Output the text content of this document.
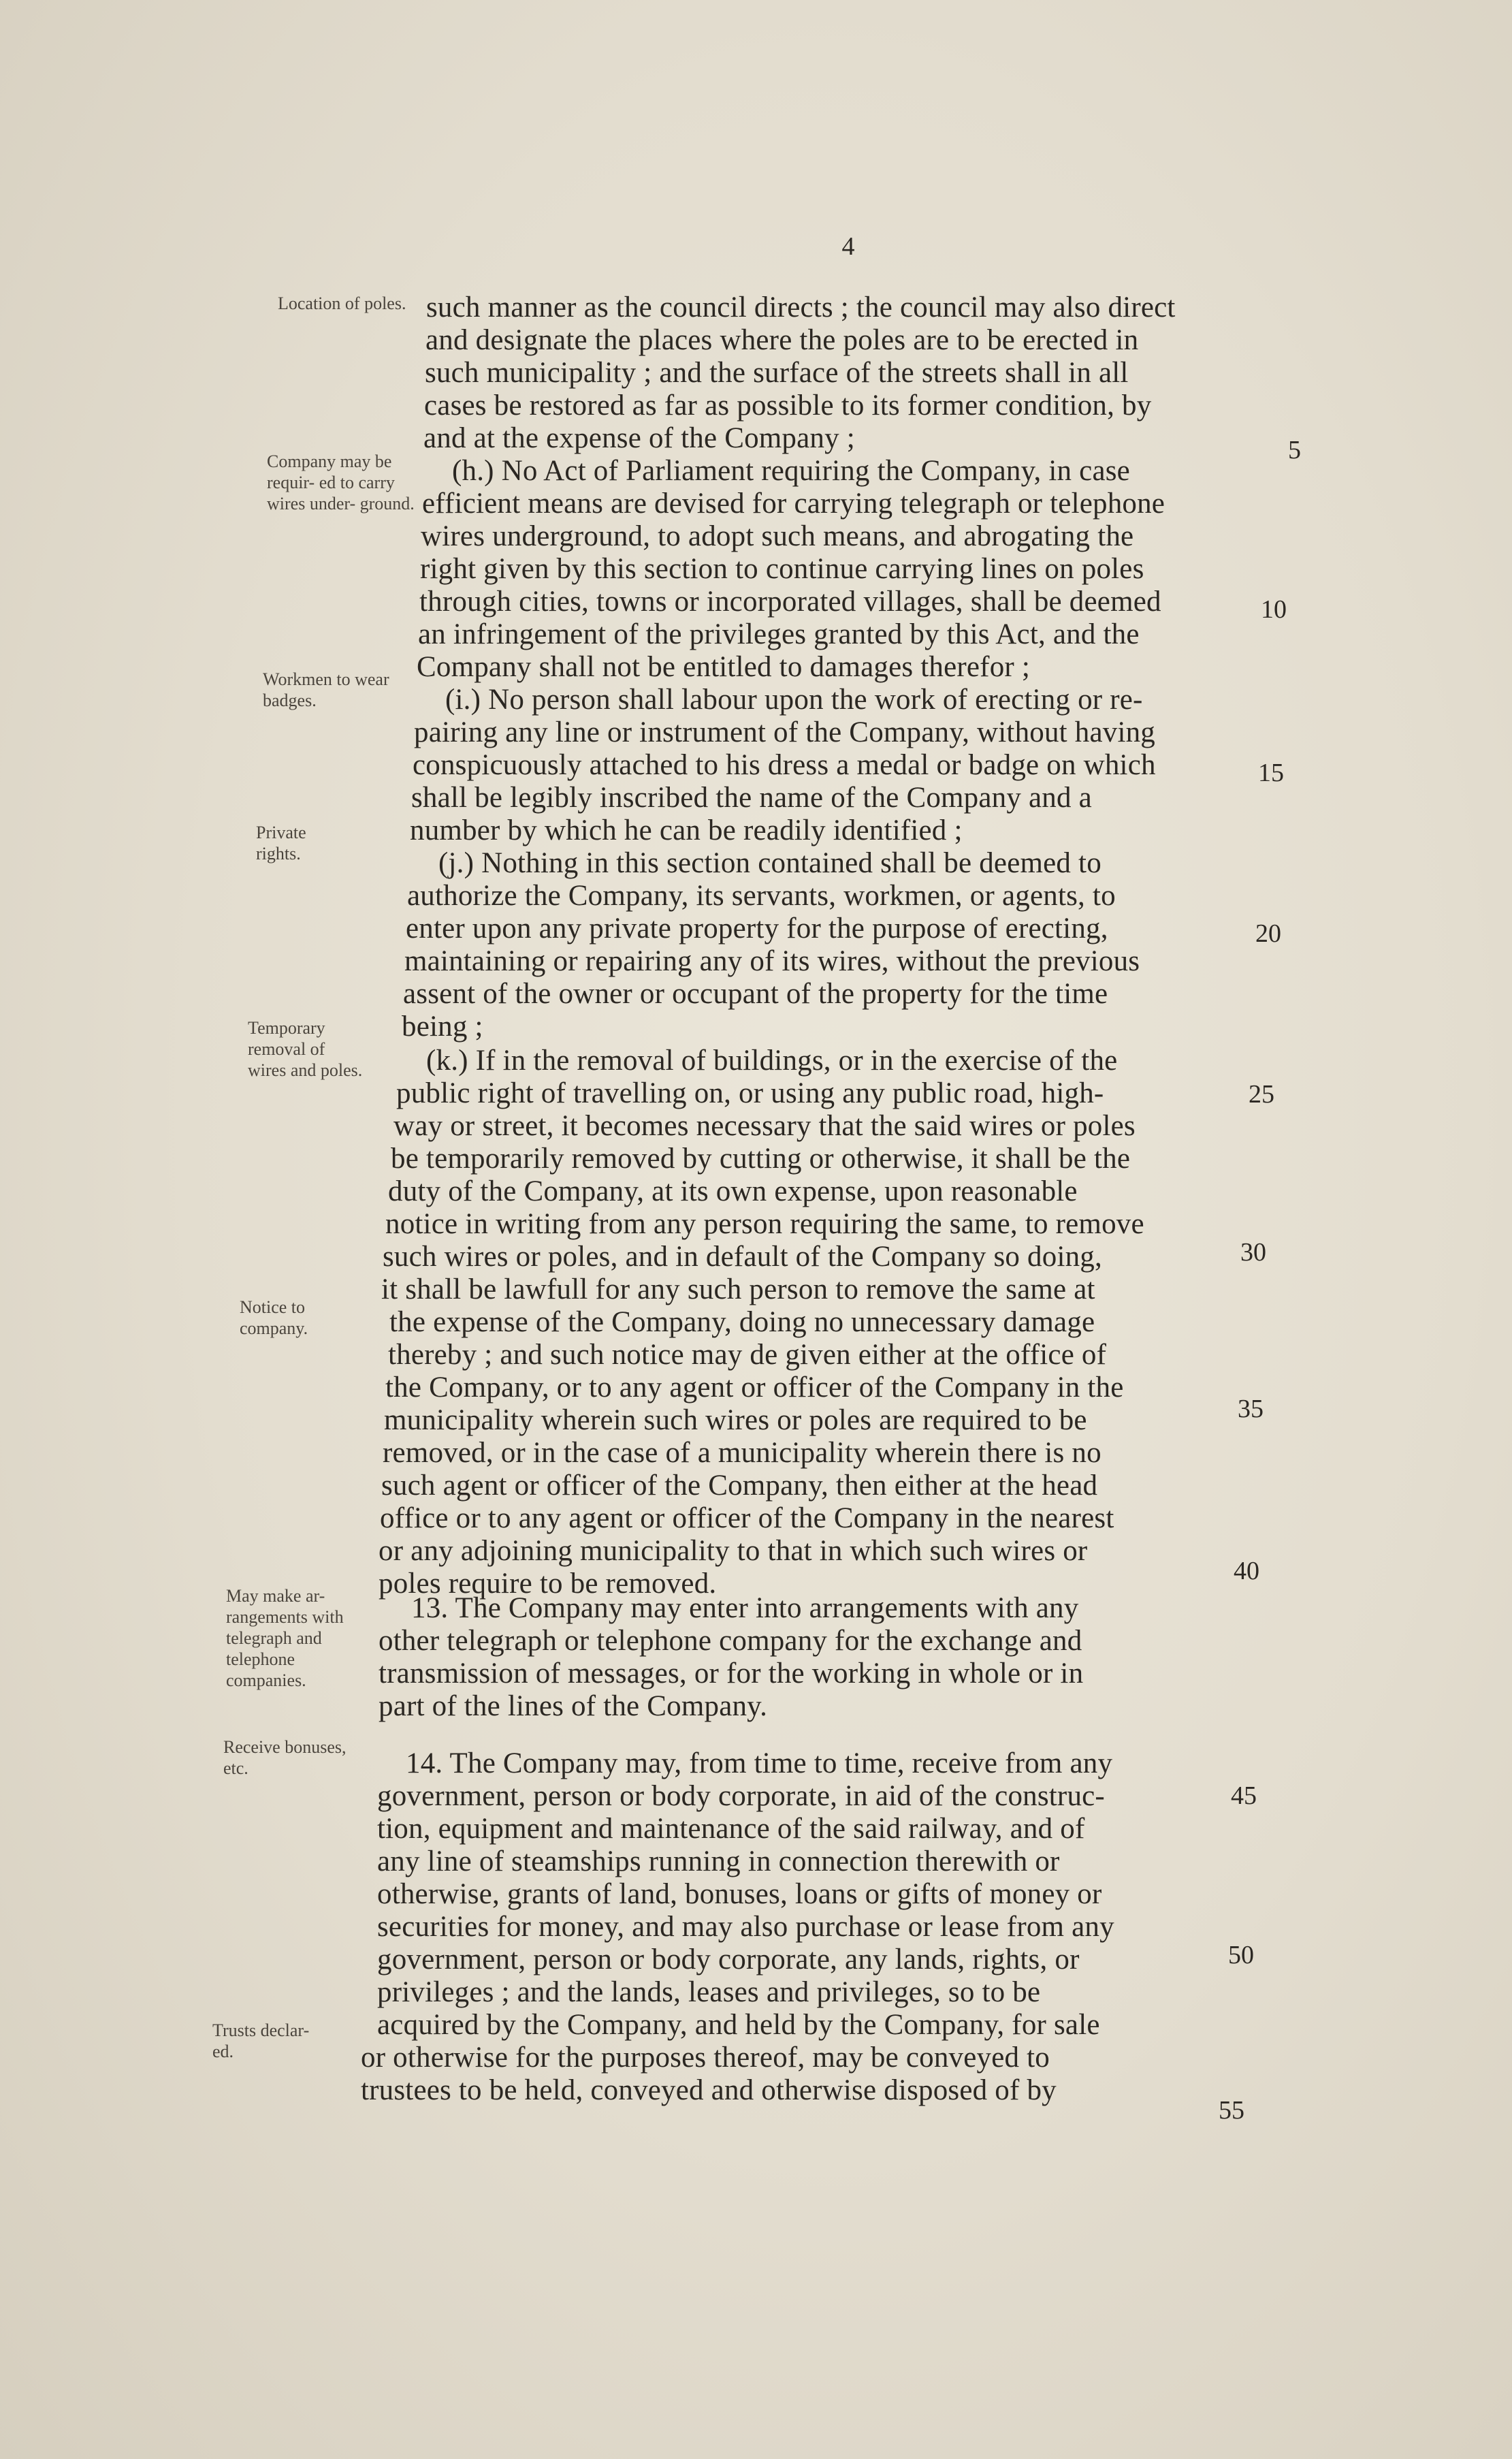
4
Location of poles.
Company may be requir- ed to carry wires under- ground.
Workmen to wear badges.
Private rights.
Temporary removal of wires and poles.
Notice to company.
May make ar- rangements with telegraph and telephone companies.
Receive bonuses, etc.
Trusts declar- ed.
such manner as the council directs ; the council may also direct
and designate the places where the poles are to be erected in
such municipality ; and the surface of the streets shall in all
cases be restored as far as possible to its former condition, by
and at the expense of the Company ;
(h.) No Act of Parliament requiring the Company, in case
efficient means are devised for carrying telegraph or telephone
wires underground, to adopt such means, and abrogating the
right given by this section to continue carrying lines on poles
through cities, towns or incorporated villages, shall be deemed
an infringement of the privileges granted by this Act, and the
Company shall not be entitled to damages therefor ;
(i.) No person shall labour upon the work of erecting or re-
pairing any line or instrument of the Company, without having
conspicuously attached to his dress a medal or badge on which
shall be legibly inscribed the name of the Company and a
number by which he can be readily identified ;
(j.) Nothing in this section contained shall be deemed to
authorize the Company, its servants, workmen, or agents, to
enter upon any private property for the purpose of erecting,
maintaining or repairing any of its wires, without the previous
assent of the owner or occupant of the property for the time
being ;
(k.) If in the removal of buildings, or in the exercise of the
public right of travelling on, or using any public road, high-
way or street, it becomes necessary that the said wires or poles
be temporarily removed by cutting or otherwise, it shall be the
duty of the Company, at its own expense, upon reasonable
notice in writing from any person requiring the same, to remove
such wires or poles, and in default of the Company so doing,
it shall be lawfull for any such person to remove the same at
the expense of the Company, doing no unnecessary damage
thereby ; and such notice may de given either at the office of
the Company, or to any agent or officer of the Company in the
municipality wherein such wires or poles are required to be
removed, or in the case of a municipality wherein there is no
such agent or officer of the Company, then either at the head
office or to any agent or officer of the Company in the nearest
or any adjoining municipality to that in which such wires or
poles require to be removed.
13. The Company may enter into arrangements with any
other telegraph or telephone company for the exchange and
transmission of messages, or for the working in whole or in
part of the lines of the Company.
14. The Company may, from time to time, receive from any
government, person or body corporate, in aid of the construc-
tion, equipment and maintenance of the said railway, and of
any line of steamships running in connection therewith or
otherwise, grants of land, bonuses, loans or gifts of money or
securities for money, and may also purchase or lease from any
government, person or body corporate, any lands, rights, or
privileges ; and the lands, leases and privileges, so to be
acquired by the Company, and held by the Company, for sale
or otherwise for the purposes thereof, may be conveyed to
trustees to be held, conveyed and otherwise disposed of by
5
10
15
20
25
30
35
40
45
50
55
